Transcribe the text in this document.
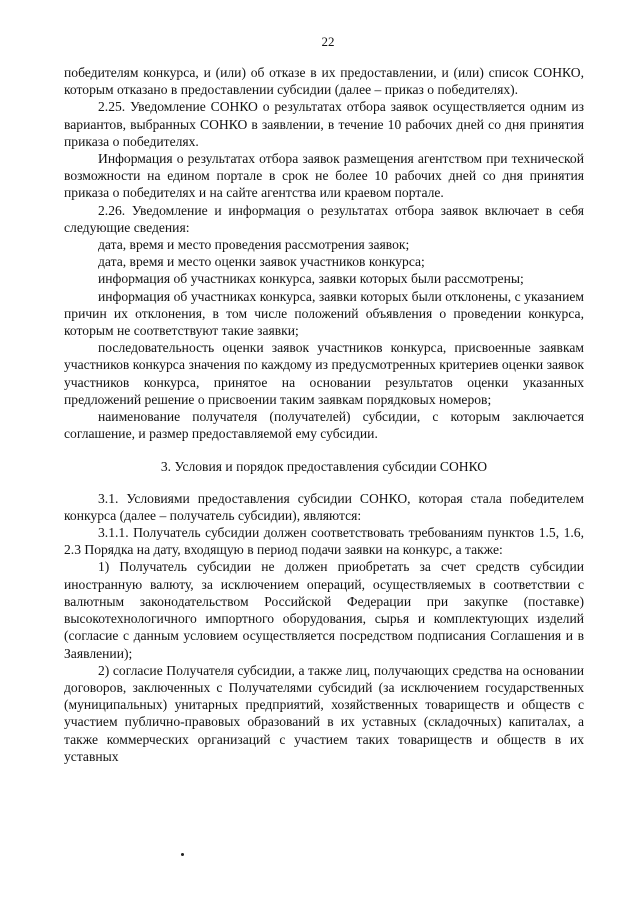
22

победителям конкурса, и (или) об отказе в их предоставлении, и (или) список СОНКО, которым отказано в предоставлении субсидии (далее – приказ о победителях).

2.25. Уведомление СОНКО о результатах отбора заявок осуществляется одним из вариантов, выбранных СОНКО в заявлении, в течение 10 рабочих дней со дня принятия приказа о победителях.

Информация о результатах отбора заявок размещения агентством при технической возможности на едином портале в срок не более 10 рабочих дней со дня принятия приказа о победителях и на сайте агентства или краевом портале.

2.26. Уведомление и информация о результатах отбора заявок включает в себя следующие сведения:

дата, время и место проведения рассмотрения заявок;

дата, время и место оценки заявок участников конкурса;

информация об участниках конкурса, заявки которых были рассмотрены;

информация об участниках конкурса, заявки которых были отклонены, с указанием причин их отклонения, в том числе положений объявления о проведении конкурса, которым не соответствуют такие заявки;

последовательность оценки заявок участников конкурса, присвоенные заявкам участников конкурса значения по каждому из предусмотренных критериев оценки заявок участников конкурса, принятое на основании результатов оценки указанных предложений решение о присвоении таким заявкам порядковых номеров;

наименование получателя (получателей) субсидии, с которым заключается соглашение, и размер предоставляемой ему субсидии.

3. Условия и порядок предоставления субсидии СОНКО

3.1. Условиями предоставления субсидии СОНКО, которая стала победителем конкурса (далее – получатель субсидии), являются:

3.1.1. Получатель субсидии должен соответствовать требованиям пунктов 1.5, 1.6, 2.3 Порядка на дату, входящую в период подачи заявки на конкурс, а также:

1) Получатель субсидии не должен приобретать за счет средств субсидии иностранную валюту, за исключением операций, осуществляемых в соответствии с валютным законодательством Российской Федерации при закупке (поставке) высокотехнологичного импортного оборудования, сырья и комплектующих изделий (согласие с данным условием осуществляется посредством подписания Соглашения и в Заявлении);

2) согласие Получателя субсидии, а также лиц, получающих средства на основании договоров, заключенных с Получателями субсидий (за исключением государственных (муниципальных) унитарных предприятий, хозяйственных товариществ и обществ с участием публично-правовых образований в их уставных (складочных) капиталах, а также коммерческих организаций с участием таких товариществ и обществ в их уставных
